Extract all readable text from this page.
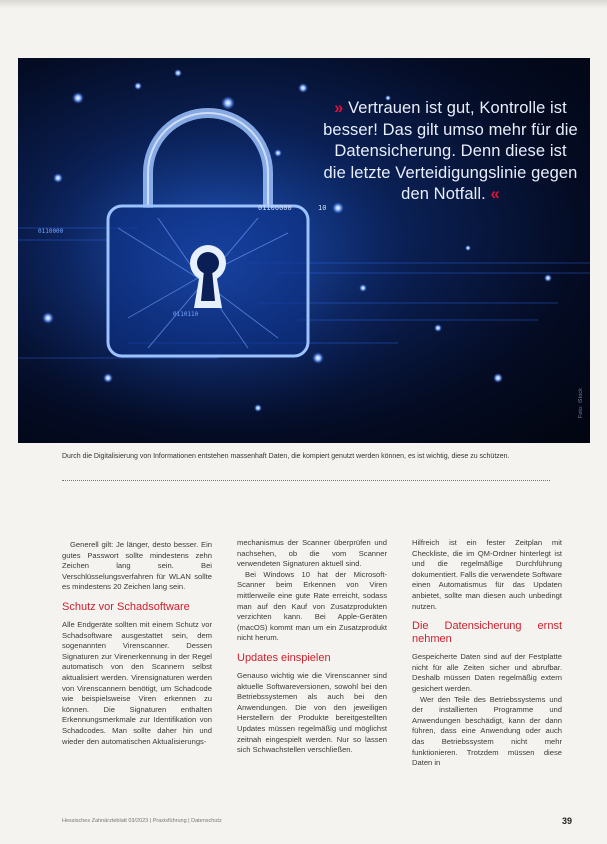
01100000
0110000
10
0110110
» Vertrauen ist gut, Kontrolle ist besser! Das gilt umso mehr für die Datensicherung. Denn diese ist die letzte Verteidigungslinie gegen den Notfall. «
Foto: iStock
Durch die Digitalisierung von Informationen entstehen massenhaft Daten, die kompiert genutzt werden können, es ist wichtig, diese zu schützen.

Generell gilt: Je länger, desto besser. Ein gutes Passwort sollte mindestens zehn Zeichen lang sein. Bei Verschlüsselungsverfahren für WLAN sollte es mindestens 20 Zeichen lang sein.

Schutz vor Schadsoftware

Alle Endgeräte sollten mit einem Schutz vor Schadsoftware ausgestattet sein, dem sogenannten Virenscanner. Dessen Signaturen zur Virenerkennung in der Regel automatisch von den Scannern selbst aktualisiert werden. Virensignaturen werden von Virenscannern benötigt, um Schadcode wie beispielsweise Viren erkennen zu können. Die Signaturen enthalten Erkennungsmerkmale zur Identifikation von Schadcodes. Man sollte daher hin und wieder den automatischen Aktualisierungs-

mechanismus der Scanner überprüfen und nachsehen, ob die vom Scanner verwendeten Signaturen aktuell sind.

Bei Windows 10 hat der Microsoft-Scanner beim Erkennen von Viren mittlerweile eine gute Rate erreicht, sodass man auf den Kauf von Zusatzprodukten verzichten kann. Bei Apple-Geräten (macOS) kommt man um ein Zusatzprodukt nicht herum.

Updates einspielen

Genauso wichtig wie die Virenscanner sind aktuelle Softwareversionen, sowohl bei den Betriebssystemen als auch bei den Anwendungen. Die von den jeweiligen Herstellern der Produkte bereitgestellten Updates müssen regelmäßig und möglichst zeitnah eingespielt werden. Nur so lassen sich Schwachstellen verschließen.

Hilfreich ist ein fester Zeitplan mit Checkliste, die im QM-Ordner hinterlegt ist und die regelmäßige Durchführung dokumentiert. Falls die verwendete Software einen Automatismus für das Updaten anbietet, sollte man diesen auch unbedingt nutzen.

Die Datensicherung ernst nehmen

Gespeicherte Daten sind auf der Festplatte nicht für alle Zeiten sicher und abrufbar. Deshalb müssen Daten regelmäßig extern gesichert werden.

Wer den Teile des Betriebssystems und der installierten Programme und Anwendungen beschädigt, kann der dann führen, dass eine Anwendung oder auch das Betriebssystem nicht mehr funktionieren. Trotzdem müssen diese Daten in

Hessisches Zahnärzteblatt 03/2023 | Praxisführung | Datenschutz	39
